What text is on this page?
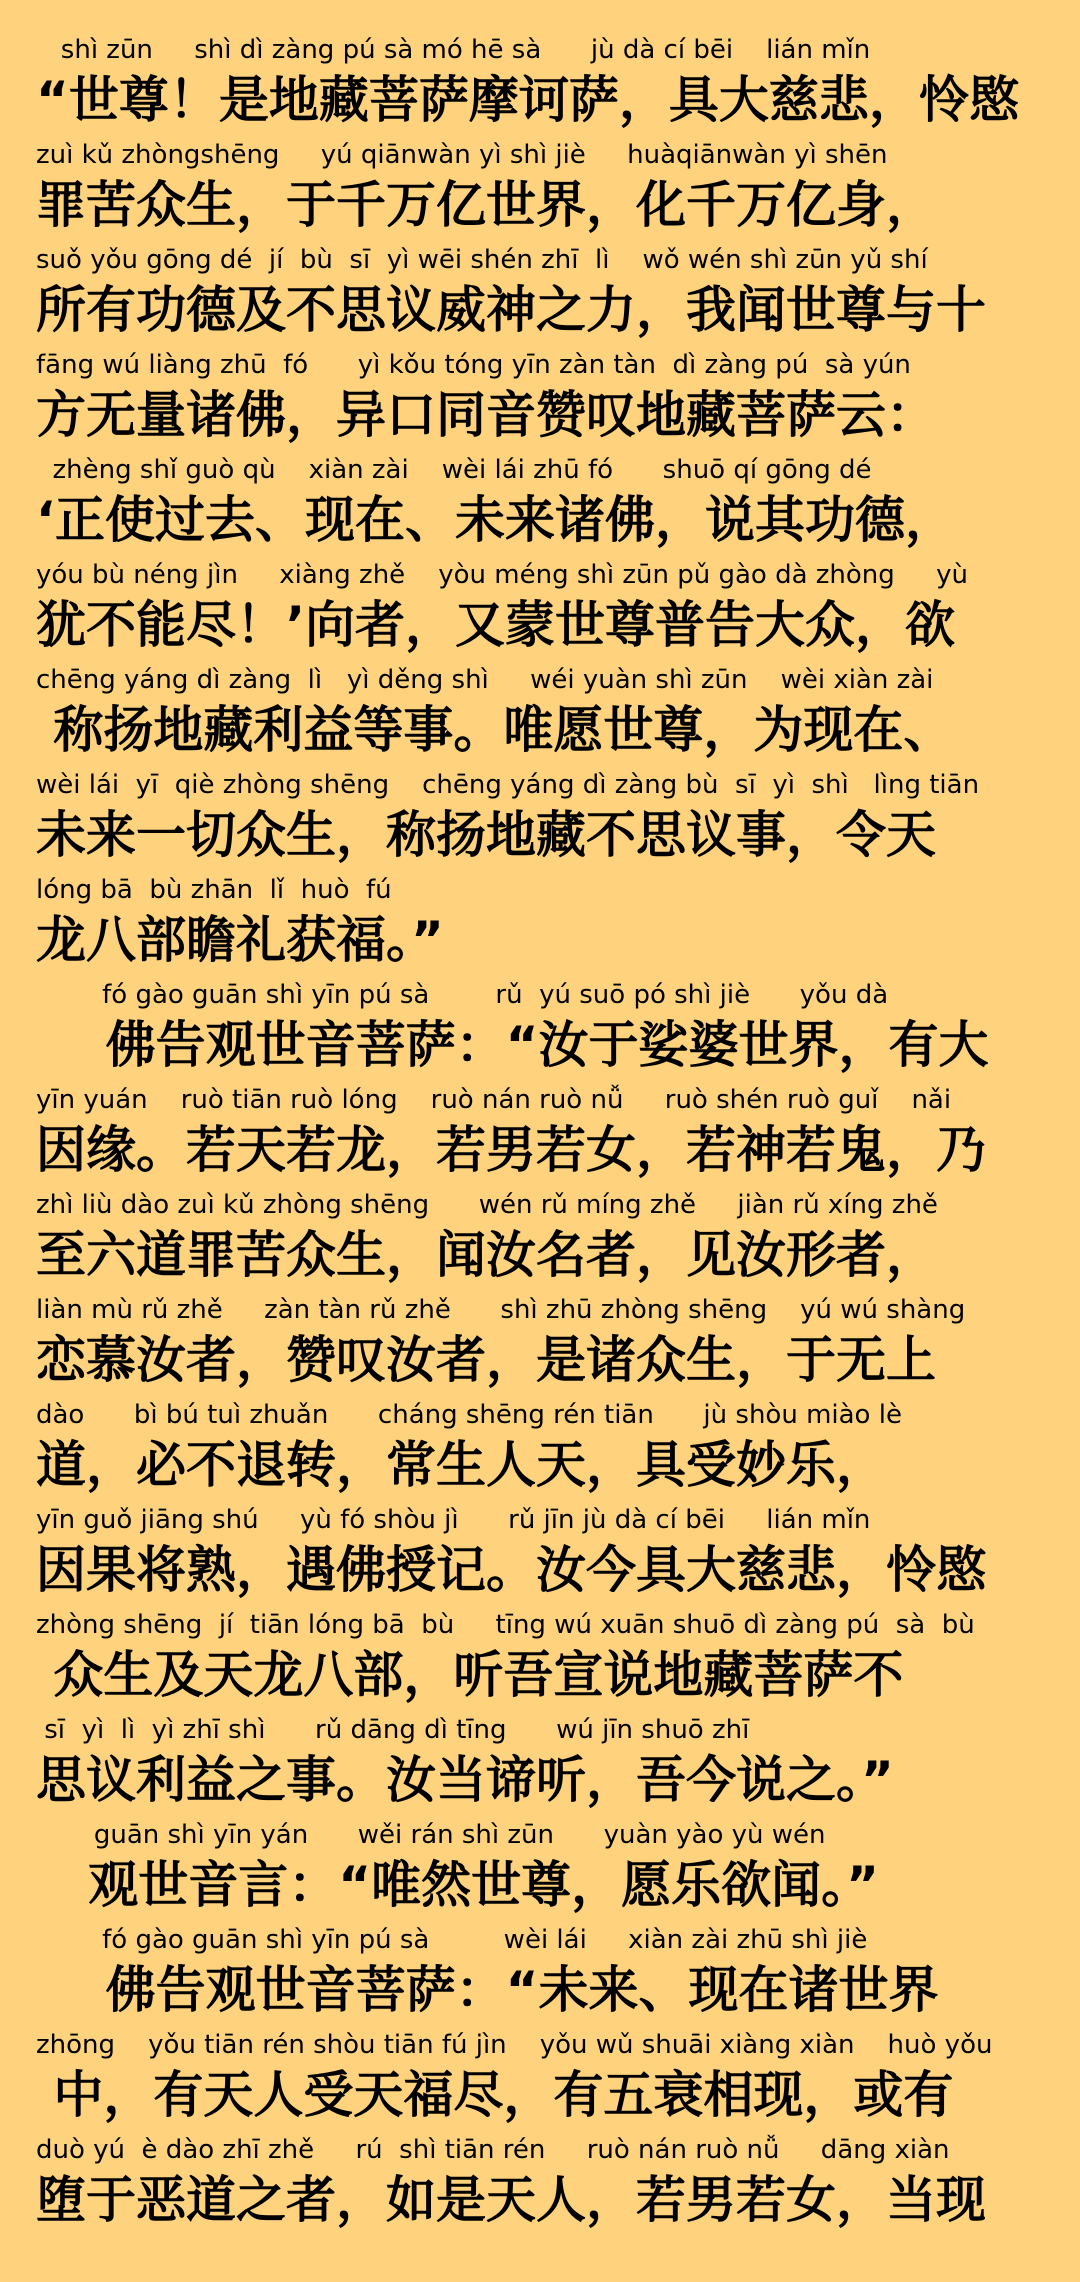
shì zūn     shì dì zàng pú sà mó hē sà      jù dà cí bēi    lián mǐn
“世尊！是地藏菩萨摩诃萨，具大慈悲，怜愍
zuì kǔ zhòngshēng     yú qiānwàn yì shì jiè     huàqiānwàn yì shēn
罪苦众生，于千万亿世界，化千万亿身，
suǒ yǒu gōng dé  jí  bù  sī  yì wēi shén zhī  lì    wǒ wén shì zūn yǔ shí
所有功德及不思议威神之力，我闻世尊与十
fāng wú liàng zhū  fó      yì kǒu tóng yīn zàn tàn  dì zàng pú  sà yún
方无量诸佛，异口同音赞叹地藏菩萨云：
zhèng shǐ guò qù    xiàn zài    wèi lái zhū fó      shuō qí gōng dé
‘正使过去、现在、未来诸佛，说其功德，
yóu bù néng jìn     xiàng zhě    yòu méng shì zūn pǔ gào dà zhòng     yù
犹不能尽！’向者，又蒙世尊普告大众，欲
chēng yáng dì zàng  lì   yì děng shì     wéi yuàn shì zūn    wèi xiàn zài
称扬地藏利益等事。唯愿世尊，为现在、
wèi lái  yī  qiè zhòng shēng    chēng yáng dì zàng bù  sī  yì  shì   lìng tiān
未来一切众生，称扬地藏不思议事，令天
lóng bā  bù zhān  lǐ  huò  fú
龙八部瞻礼获福。”
fó gào guān shì yīn pú sà        rǔ  yú suō pó shì jiè      yǒu dà
佛告观世音菩萨：“汝于娑婆世界，有大
yīn yuán    ruò tiān ruò lóng    ruò nán ruò nǚ     ruò shén ruò guǐ    nǎi
因缘。若天若龙，若男若女，若神若鬼，乃
zhì liù dào zuì kǔ zhòng shēng      wén rǔ míng zhě     jiàn rǔ xíng zhě
至六道罪苦众生，闻汝名者，见汝形者，
liàn mù rǔ zhě     zàn tàn rǔ zhě      shì zhū zhòng shēng    yú wú shàng
恋慕汝者，赞叹汝者，是诸众生，于无上
dào      bì bú tuì zhuǎn      cháng shēng rén tiān      jù shòu miào lè
道，必不退转，常生人天，具受妙乐，
yīn guǒ jiāng shú     yù fó shòu jì      rǔ jīn jù dà cí bēi     lián mǐn
因果将熟，遇佛授记。汝今具大慈悲，怜愍
zhòng shēng  jí  tiān lóng bā  bù     tīng wú xuān shuō dì zàng pú  sà  bù
众生及天龙八部，听吾宣说地藏菩萨不
sī  yì  lì  yì zhī shì      rǔ dāng dì tīng      wú jīn shuō zhī
思议利益之事。汝当谛听，吾今说之。”
guān shì yīn yán      wěi rán shì zūn      yuàn yào yù wén
观世音言：“唯然世尊，愿乐欲闻。”
fó gào guān shì yīn pú sà         wèi lái     xiàn zài zhū shì jiè
佛告观世音菩萨：“未来、现在诸世界
zhōng    yǒu tiān rén shòu tiān fú jìn    yǒu wǔ shuāi xiàng xiàn    huò yǒu
中，有天人受天福尽，有五衰相现，或有
duò yú  è dào zhī zhě     rú  shì tiān rén     ruò nán ruò nǚ     dāng xiàn
堕于恶道之者，如是天人，若男若女，当现
